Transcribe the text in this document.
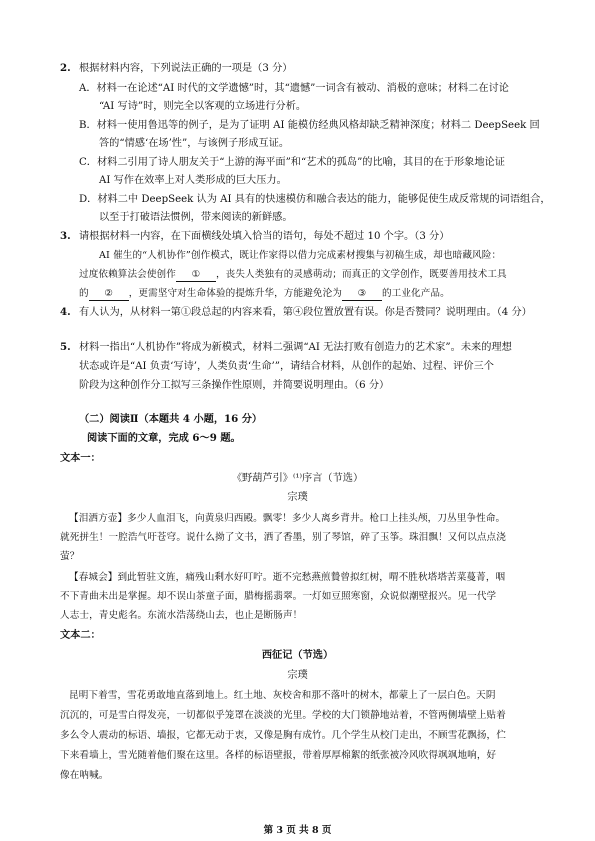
2. 根据材料内容，下列说法正确的一项是（3 分）
A．材料一在论述“AI 时代的文学遗憾”时，其“遗憾”一词含有被动、消极的意味；材料二在讨论
“AI 写诗”时，则完全以客观的立场进行分析。
B．材料一使用鲁迅等的例子，是为了证明 AI 能模仿经典风格却缺乏精神深度；材料二 DeepSeek 回
答的“情感‘在场’性”，与该例子形成互证。
C．材料二引用了诗人朋友关于“上游的海平面”和“艺术的孤岛”的比喻，其目的在于形象地论证
AI 写作在效率上对人类形成的巨大压力。
D．材料二中 DeepSeek 认为 AI 具有的快速模仿和融合表达的能力，能够促使生成反常规的词语组合，
以至于打破语法惯例，带来阅读的新鲜感。
3. 请根据材料一内容，在下面横线处填入恰当的语句，每处不超过 10 个字。（3 分）
AI 催生的“人机协作”创作模式，既让作家得以借力完成素材搜集与初稿生成，却也暗藏风险：
过度依赖算法会使创作 ① ，丧失人类独有的灵感萌动；而真正的文学创作，既要善用技术工具
的 ② ，更需坚守对生命体验的提炼升华，方能避免沦为 ③ 的工业化产品。
4. 有人认为，从材料一第①段总起的内容来看，第④段位置放置有误。你是否赞同？说明理由。（4 分）
5. 材料一指出“人机协作”将成为新模式，材料二强调“AI 无法打败有创造力的艺术家”。未来的理想
状态或许是“AI 负责‘写诗’，人类负责‘生命’”，请结合材料，从创作的起始、过程、评价三个
阶段为这种创作分工拟写三条操作性原则，并简要说明理由。（6 分）
（二）阅读Ⅱ（本题共 4 小题，16 分）
阅读下面的文章，完成 6～9 题。
文本一：
《野葫芦引》⁽¹⁾序言（节选）
宗璞
【泪洒方壶】多少人血泪飞，向黄泉归西殿。飘零！多少人离乡背井。枪口上挂头颅，刀丛里争性命。
就死拼生！一腔浩气吁苍穹。说什么拗了文书，洒了香墨，别了琴馆，碎了玉筝。珠泪飘！又何以点点浇
萤？
【春城会】到此暂驻文旌，痛残山剩水好叮咛。逝不完愁燕煎贄曾拟红树，喟不胜秋塔塔苦菜蔓菁，咽
不下青曲未出是掌握。却不误山茶童子面，腊梅摇翡翠。一灯如豆照寒窗，众说似潮壁报兴。见一代学
人志士，青史彪名。东流水浩荡绕山去，也止是断肠声！
文本二：
西征记（节选）
宗璞
昆明下着雪，雪花勇敢地直落到地上。红土地、灰校舍和那不落叶的树木，都蒙上了一层白色。天阴
沉沉的，可是雪白得发亮，一切都似乎笼罩在淡淡的光里。学校的大门锁静地站着，不管两侧墙壁上贴着
多么令人震动的标语、墙报，它都无动于衷，又像是胸有成竹。几个学生从校门走出，不顾雪花飘扬，伫
下来看墙上，雪光随着他们聚在这里。各样的标语壁报，带着厚厚棉絮的纸张被冷风吹得飒飒地响，好
像在呐喊。
第 3 页 共 8 页
